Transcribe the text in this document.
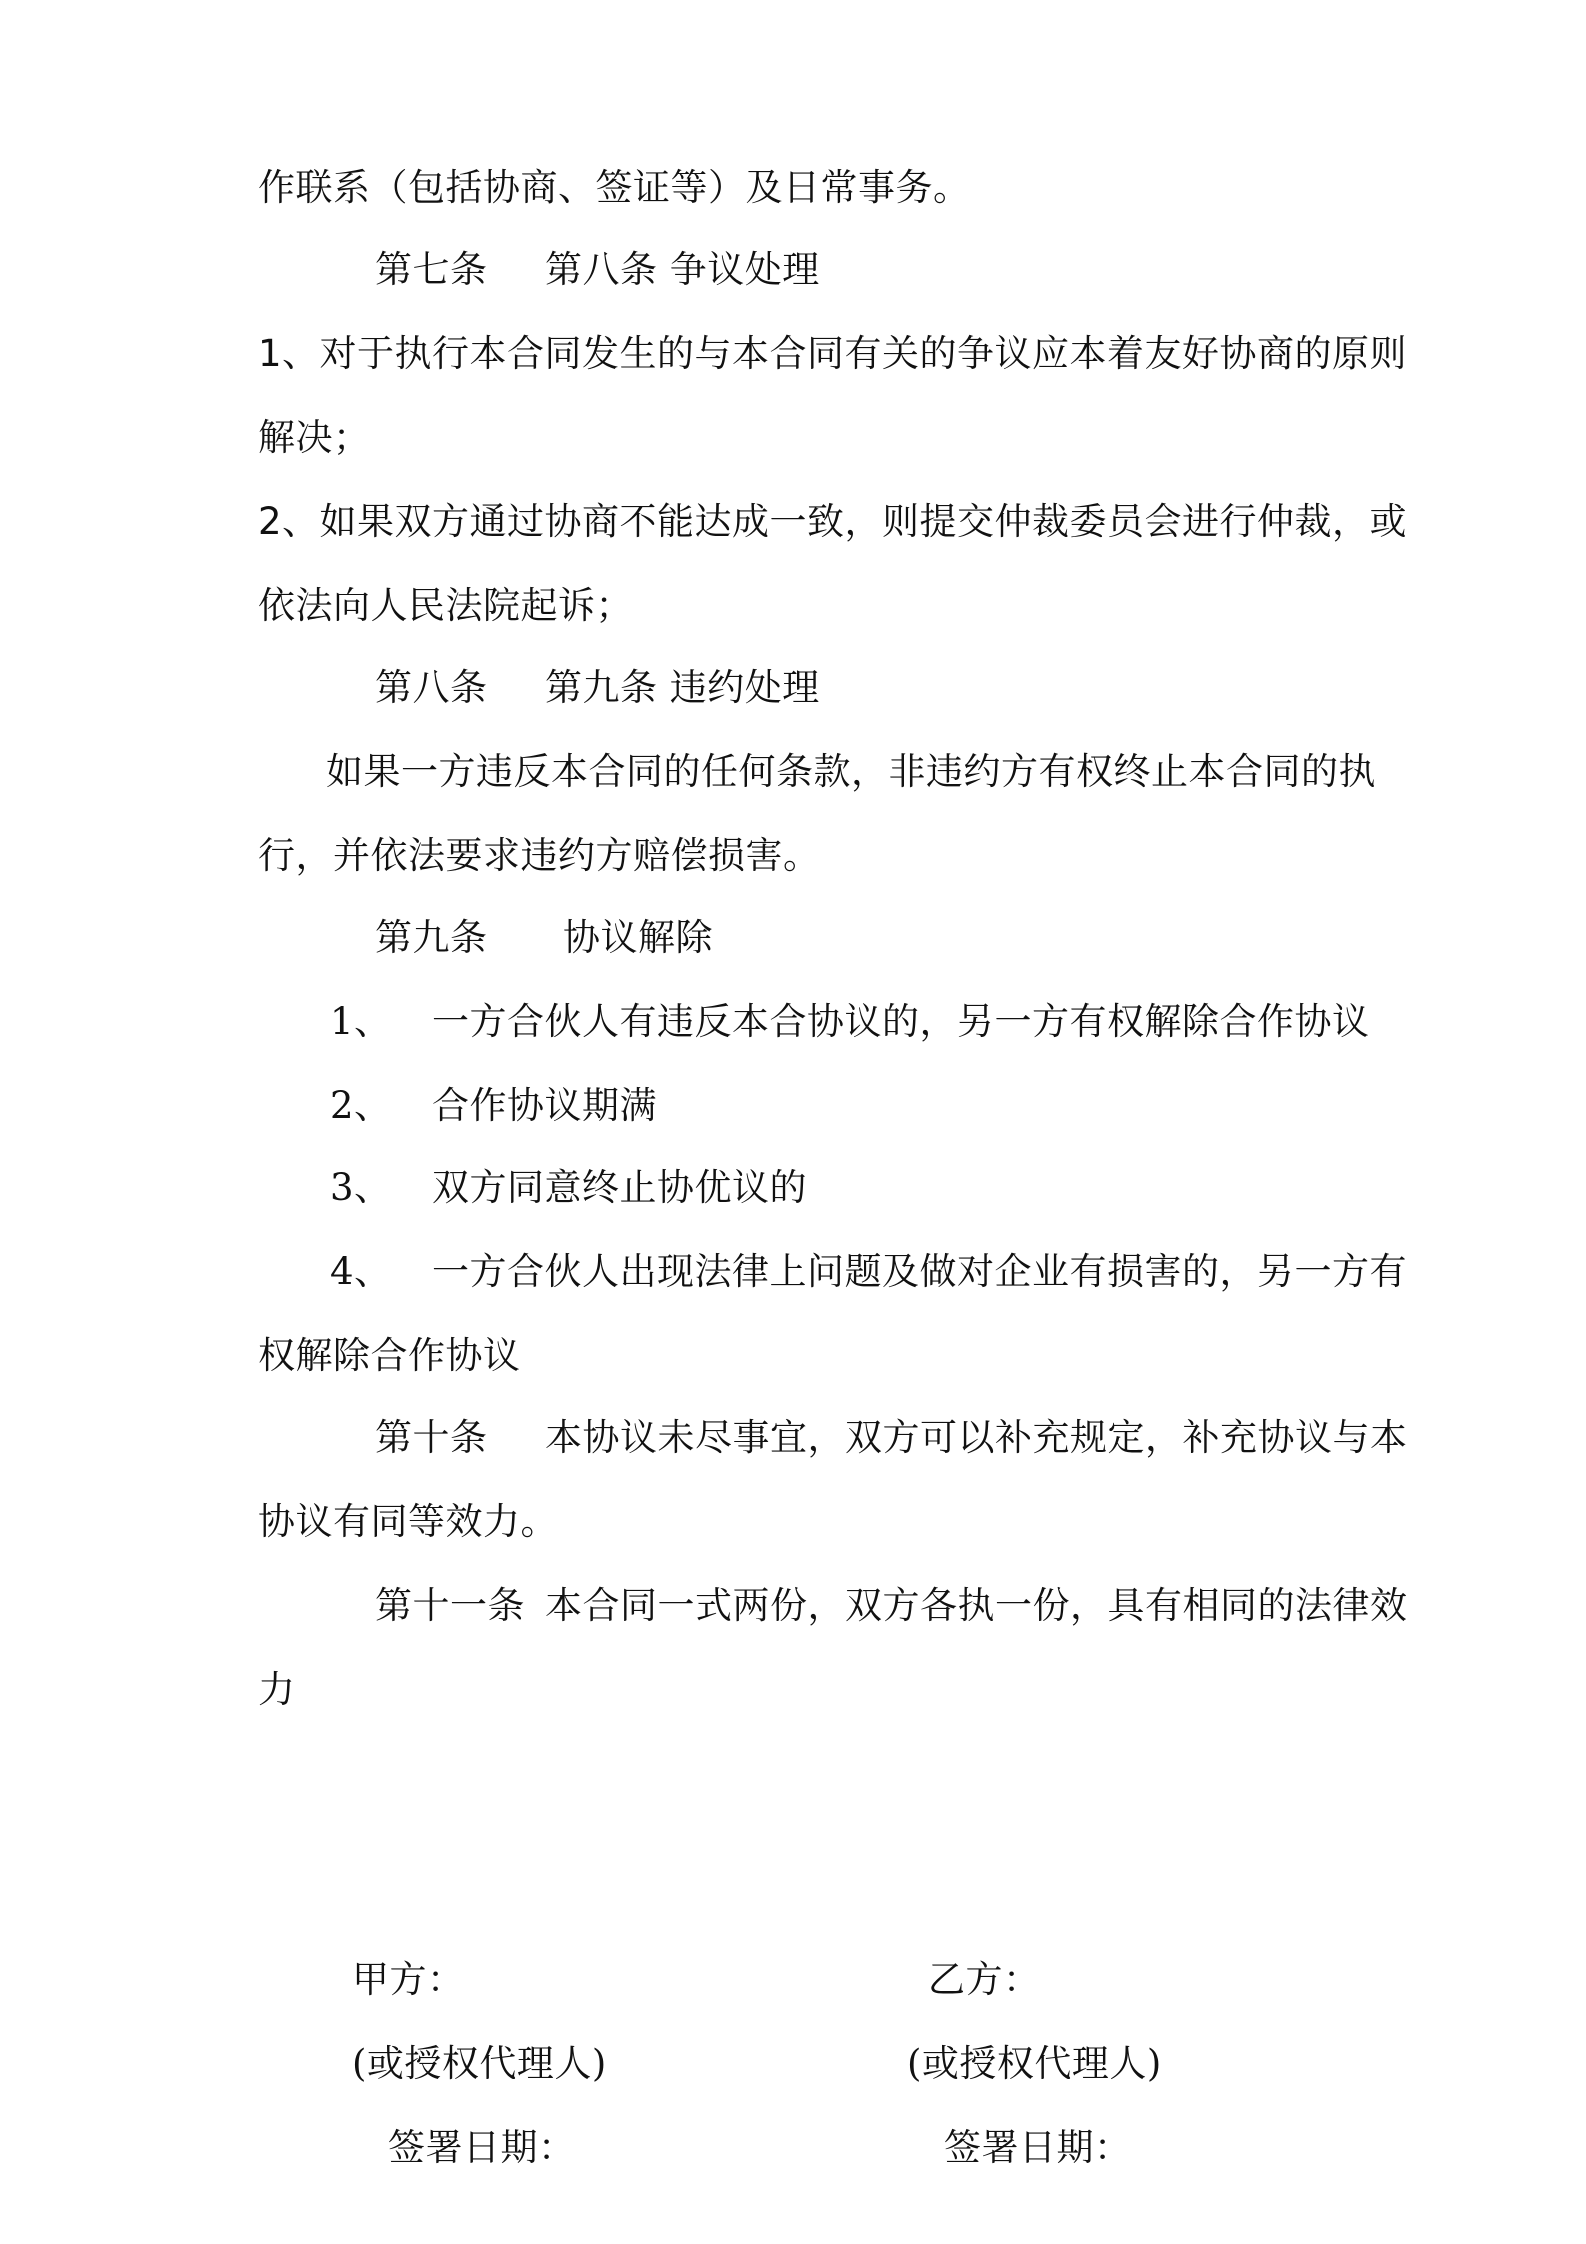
作联系（包括协商、签证等）及日常事务。
第七条 第八条 争议处理
1、对于执行本合同发生的与本合同有关的争议应本着友好协商的原则
解决；
2、如果双方通过协商不能达成一致，则提交仲裁委员会进行仲裁，或
依法向人民法院起诉；
第八条 第九条 违约处理
如果一方违反本合同的任何条款，非违约方有权终止本合同的执
行，并依法要求违约方赔偿损害。
第九条 协议解除
1、 一方合伙人有违反本合协议的，另一方有权解除合作协议
2、 合作协议期满
3、 双方同意终止协优议的
4、 一方合伙人出现法律上问题及做对企业有损害的，另一方有
权解除合作协议
第十条 本协议未尽事宜，双方可以补充规定，补充协议与本
协议有同等效力。
第十一条 本合同一式两份，双方各执一份，具有相同的法律效
力
甲方：	乙方：
(或授权代理人)	(或授权代理人)
签署日期：	签署日期：
